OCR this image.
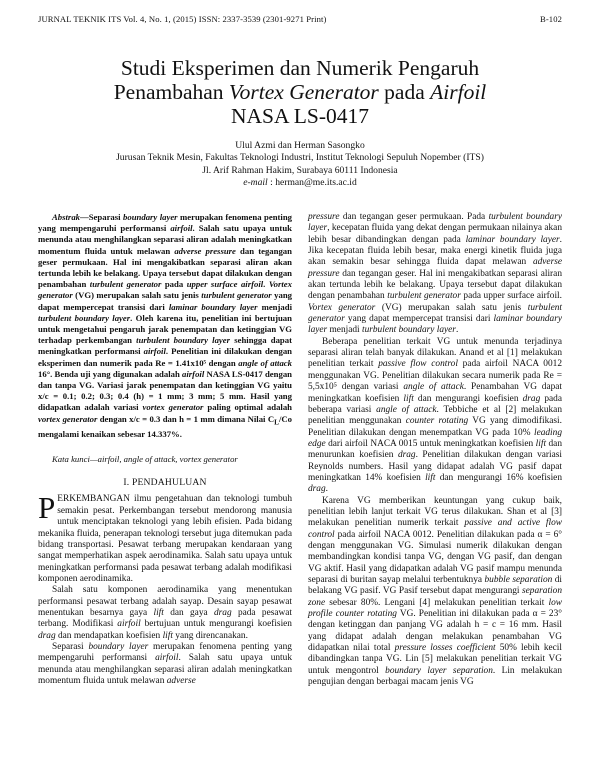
JURNAL TEKNIK ITS Vol. 4, No. 1, (2015) ISSN: 2337-3539 (2301-9271 Print)	B-102
Studi Eksperimen dan Numerik Pengaruh
Penambahan Vortex Generator pada Airfoil
NASA LS-0417
Ulul Azmi dan Herman Sasongko
Jurusan Teknik Mesin, Fakultas Teknologi Industri, Institut Teknologi Sepuluh Nopember (ITS)
Jl. Arif Rahman Hakim, Surabaya 60111 Indonesia
e-mail : herman@me.its.ac.id

Abstrak—Separasi boundary layer merupakan fenomena penting yang mempengaruhi performansi airfoil. Salah satu upaya untuk menunda atau menghilangkan separasi aliran adalah meningkatkan momentum fluida untuk melawan adverse pressure dan tegangan geser permukaan. Hal ini mengakibatkan separasi aliran akan tertunda lebih ke belakang. Upaya tersebut dapat dilakukan dengan penambahan turbulent generator pada upper surface airfoil. Vortex generator (VG) merupakan salah satu jenis turbulent generator yang dapat mempercepat transisi dari laminar boundary layer menjadi turbulent boundary layer. Oleh karena itu, penelitian ini bertujuan untuk mengetahui pengaruh jarak penempatan dan ketinggian VG terhadap perkembangan turbulent boundary layer sehingga dapat meningkatkan performansi airfoil. Penelitian ini dilakukan dengan eksperimen dan numerik pada Re = 1.41x10⁵ dengan angle of attack 16°. Benda uji yang digunakan adalah airfoil NASA LS-0417 dengan dan tanpa VG. Variasi jarak penempatan dan ketinggian VG yaitu x/c = 0.1; 0.2; 0.3; 0.4 (h) = 1 mm; 3 mm; 5 mm. Hasil yang didapatkan adalah variasi vortex generator paling optimal adalah vortex generator dengan x/c = 0.3 dan h = 1 mm dimana Nilai $C_L/Co$ mengalami kenaikan sebesar 14.337%.

Kata kunci—airfoil, angle of attack, vortex generator

I. PENDAHULUAN

PERKEMBANGAN ilmu pengetahuan dan teknologi tumbuh semakin pesat. Perkembangan tersebut mendorong manusia untuk menciptakan teknologi yang lebih efisien. Pada bidang mekanika fluida, penerapan teknologi tersebut juga ditemukan pada bidang transportasi. Pesawat terbang merupakan kendaraan yang sangat memperhatikan aspek aerodinamika. Salah satu upaya untuk meningkatkan performansi pada pesawat terbang adalah modifikasi komponen aerodinamika.

Salah satu komponen aerodinamika yang menentukan performansi pesawat terbang adalah sayap. Desain sayap pesawat menentukan besarnya gaya lift dan gaya drag pada pesawat terbang. Modifikasi airfoil bertujuan untuk mengurangi koefisien drag dan mendapatkan koefisien lift yang direncanakan.

Separasi boundary layer merupakan fenomena penting yang mempengaruhi performansi airfoil. Salah satu upaya untuk menunda atau menghilangkan separasi aliran adalah meningkatkan momentum fluida untuk melawan adverse

pressure dan tegangan geser permukaan. Pada turbulent boundary layer, kecepatan fluida yang dekat dengan permukaan nilainya akan lebih besar dibandingkan dengan pada laminar boundary layer. Jika kecepatan fluida lebih besar, maka energi kinetik fluida juga akan semakin besar sehingga fluida dapat melawan adverse pressure dan tegangan geser. Hal ini mengakibatkan separasi aliran akan tertunda lebih ke belakang. Upaya tersebut dapat dilakukan dengan penambahan turbulent generator pada upper surface airfoil. Vortex generator (VG) merupakan salah satu jenis turbulent generator yang dapat mempercepat transisi dari laminar boundary layer menjadi turbulent boundary layer.

Beberapa penelitian terkait VG untuk menunda terjadinya separasi aliran telah banyak dilakukan. Anand et al [1] melakukan penelitian terkait passive flow control pada airfoil NACA 0012 menggunakan VG. Penelitian dilakukan secara numerik pada Re = 5,5x10⁵ dengan variasi angle of attack. Penambahan VG dapat meningkatkan koefisien lift dan mengurangi koefisien drag pada beberapa variasi angle of attack. Tebbiche et al [2] melakukan penelitian menggunakan counter rotating VG yang dimodifikasi. Penelitian dilakukan dengan menempatkan VG pada 10% leading edge dari airfoil NACA 0015 untuk meningkatkan koefisien lift dan menurunkan koefisien drag. Penelitian dilakukan dengan variasi Reynolds numbers. Hasil yang didapat adalah VG pasif dapat meningkatkan 14% koefisien lift dan mengurangi 16% koefisien drag.

Karena VG memberikan keuntungan yang cukup baik, penelitian lebih lanjut terkait VG terus dilakukan. Shan et al [3] melakukan penelitian numerik terkait passive and active flow control pada airfoil NACA 0012. Penelitian dilakukan pada α = 6° dengan menggunakan VG. Simulasi numerik dilakukan dengan membandingkan kondisi tanpa VG, dengan VG pasif, dan dengan VG aktif. Hasil yang didapatkan adalah VG pasif mampu menunda separasi di buritan sayap melalui terbentuknya bubble separation di belakang VG pasif. VG Pasif tersebut dapat mengurangi separation zone sebesar 80%. Lengani [4] melakukan penelitian terkait low profile counter rotating VG. Penelitian ini dilakukan pada α = 23° dengan ketinggan dan panjang VG adalah h = c = 16 mm. Hasil yang didapat adalah dengan melakukan penambahan VG didapatkan nilai total pressure losses coefficient 50% lebih kecil dibandingkan tanpa VG. Lin [5] melakukan penelitian terkait VG untuk mengontrol boundary layer separation. Lin melakukan pengujian dengan berbagai macam jenis VG
